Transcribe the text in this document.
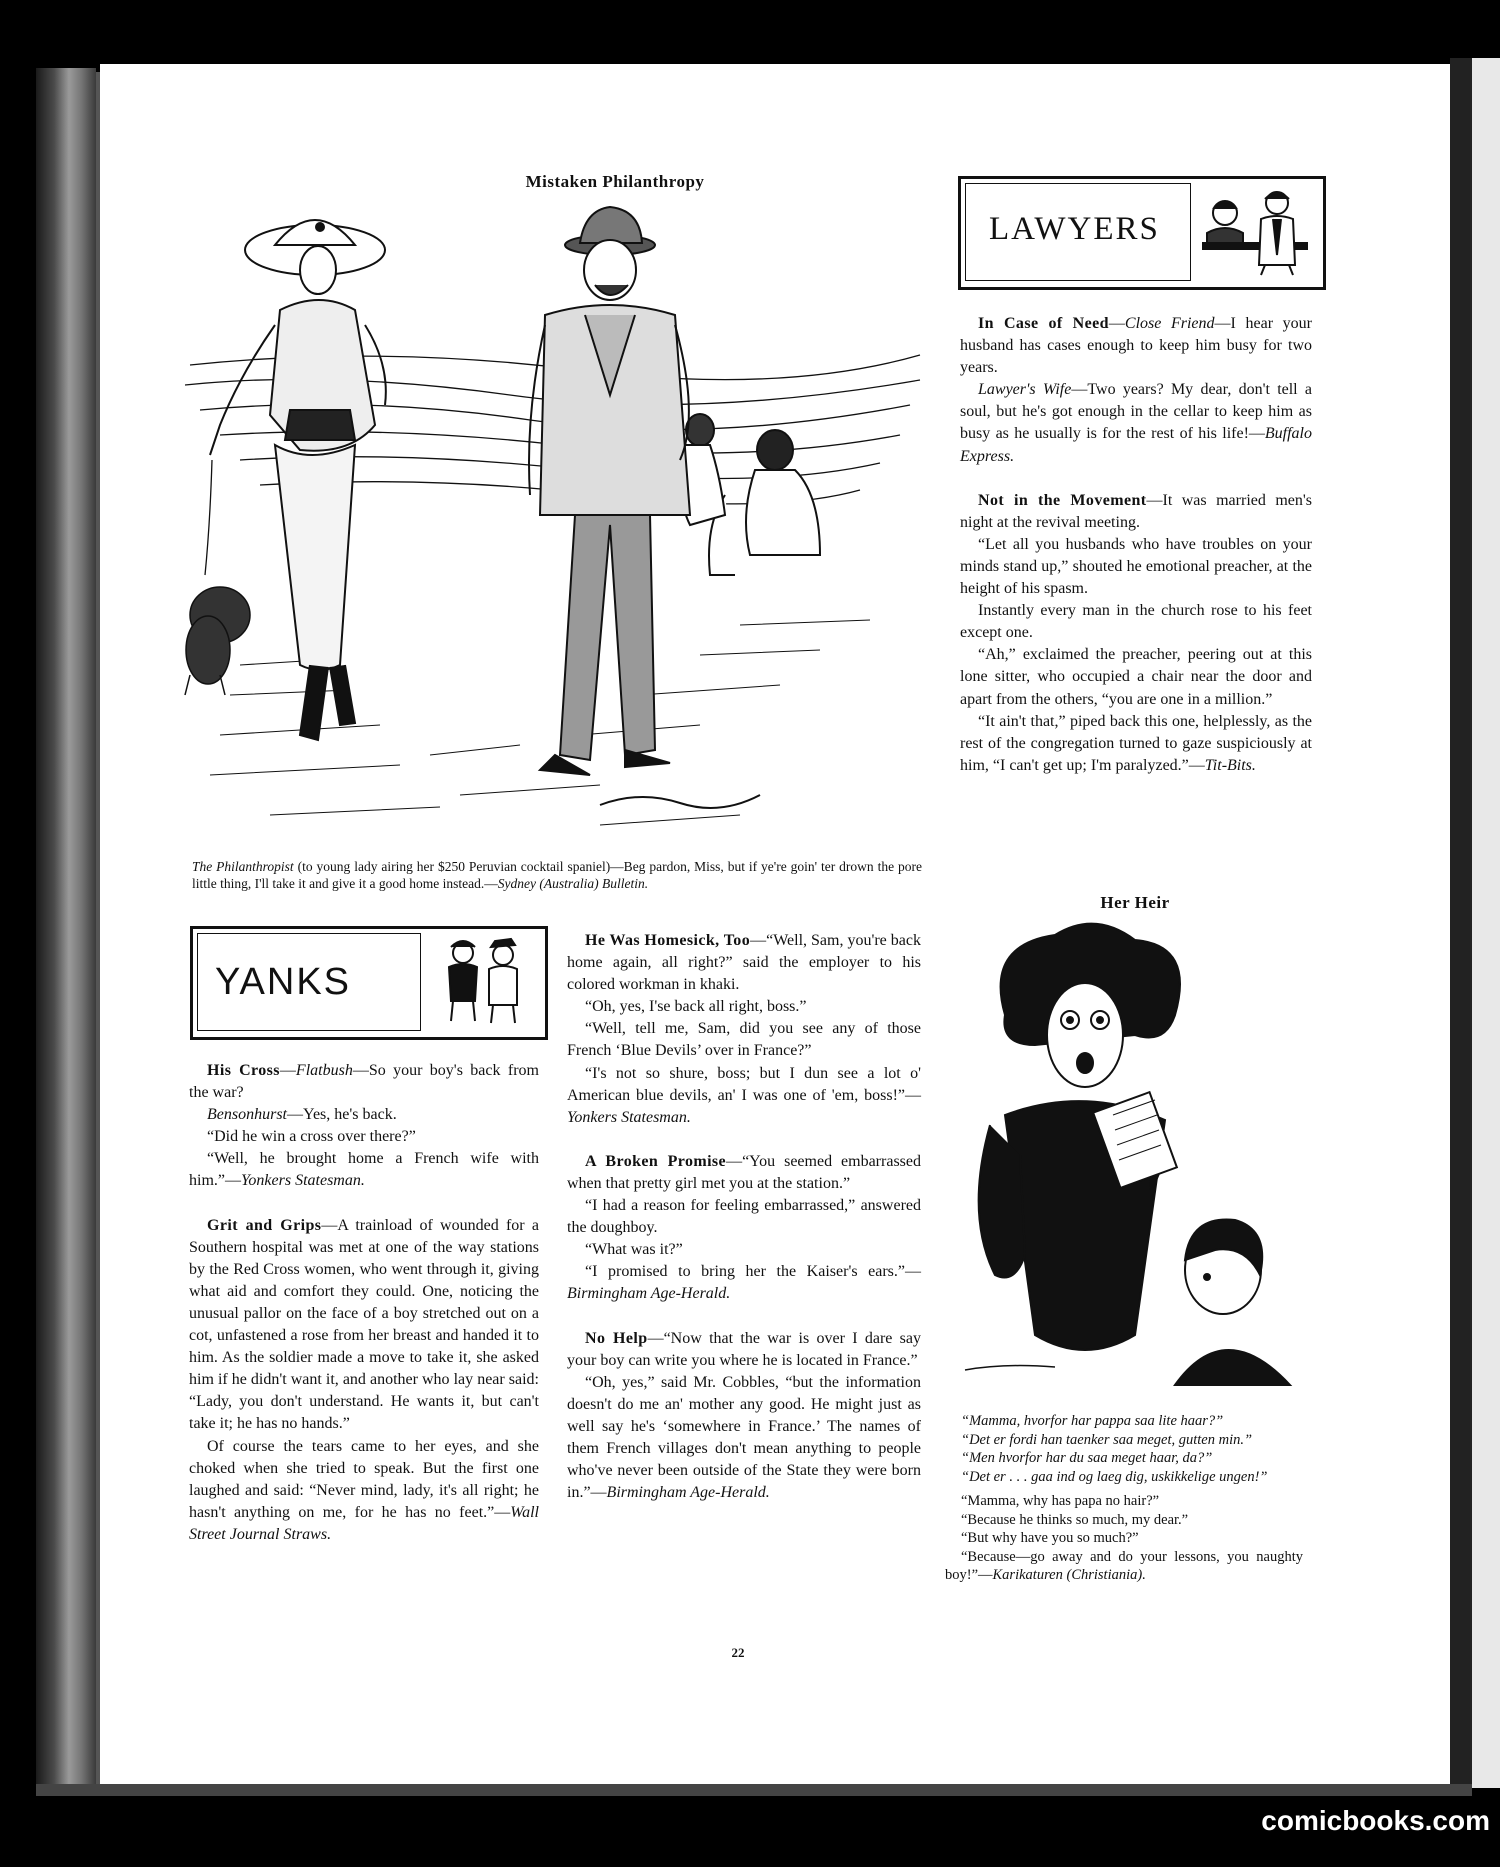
Mistaken Philanthropy
The Philanthropist (to young lady airing her $250 Peruvian cocktail spaniel)—Beg pardon, Miss, but if ye're goin' ter drown the pore little thing, I'll take it and give it a good home instead.—Sydney (Australia) Bulletin.
LAWYERS

In Case of Need—Close Friend—I hear your husband has cases enough to keep him busy for two years.

Lawyer's Wife—Two years? My dear, don't tell a soul, but he's got enough in the cellar to keep him as busy as he usually is for the rest of his life!—Buffalo Express.

Not in the Movement—It was married men's night at the revival meeting.

“Let all you husbands who have troubles on your minds stand up,” shouted he emotional preacher, at the height of his spasm.

Instantly every man in the church rose to his feet except one.

“Ah,” exclaimed the preacher, peering out at this lone sitter, who occupied a chair near the door and apart from the others, “you are one in a million.”

“It ain't that,” piped back this one, helplessly, as the rest of the congregation turned to gaze suspiciously at him, “I can't get up; I'm paralyzed.”—Tit-Bits.

Her Heir

“Mamma, hvorfor har pappa saa lite haar?”

“Det er fordi han taenker saa meget, gutten min.”

“Men hvorfor har du saa meget haar, da?”

“Det er . . . gaa ind og laeg dig, uskikkelige ungen!”

“Mamma, why has papa no hair?”

“Because he thinks so much, my dear.”

“But why have you so much?”

“Because—go away and do your lessons, you naughty boy!”—Karikaturen (Christiania).

YANKS

His Cross—Flatbush—So your boy's back from the war?

Bensonhurst—Yes, he's back.

“Did he win a cross over there?”

“Well, he brought home a French wife with him.”—Yonkers Statesman.

Grit and Grips—A trainload of wounded for a Southern hospital was met at one of the way stations by the Red Cross women, who went through it, giving what aid and comfort they could. One, noticing the unusual pallor on the face of a boy stretched out on a cot, unfastened a rose from her breast and handed it to him. As the soldier made a move to take it, she asked him if he didn't want it, and another who lay near said: “Lady, you don't understand. He wants it, but can't take it; he has no hands.”

Of course the tears came to her eyes, and she choked when she tried to speak. But the first one laughed and said: “Never mind, lady, it's all right; he hasn't anything on me, for he has no feet.”—Wall Street Journal Straws.

He Was Homesick, Too—“Well, Sam, you're back home again, all right?” said the employer to his colored workman in khaki.

“Oh, yes, I'se back all right, boss.”

“Well, tell me, Sam, did you see any of those French ‘Blue Devils’ over in France?”

“I's not so shure, boss; but I dun see a lot o' American blue devils, an' I was one of 'em, boss!”—Yonkers Statesman.

A Broken Promise—“You seemed embarrassed when that pretty girl met you at the station.”

“I had a reason for feeling embarrassed,” answered the doughboy.

“What was it?”

“I promised to bring her the Kaiser's ears.”—Birmingham Age-Herald.

No Help—“Now that the war is over I dare say your boy can write you where he is located in France.”

“Oh, yes,” said Mr. Cobbles, “but the information doesn't do me an' mother any good. He might just as well say he's ‘somewhere in France.’ The names of them French villages don't mean anything to people who've never been outside of the State they were born in.”—Birmingham Age-Herald.

22
comicbooks.com
